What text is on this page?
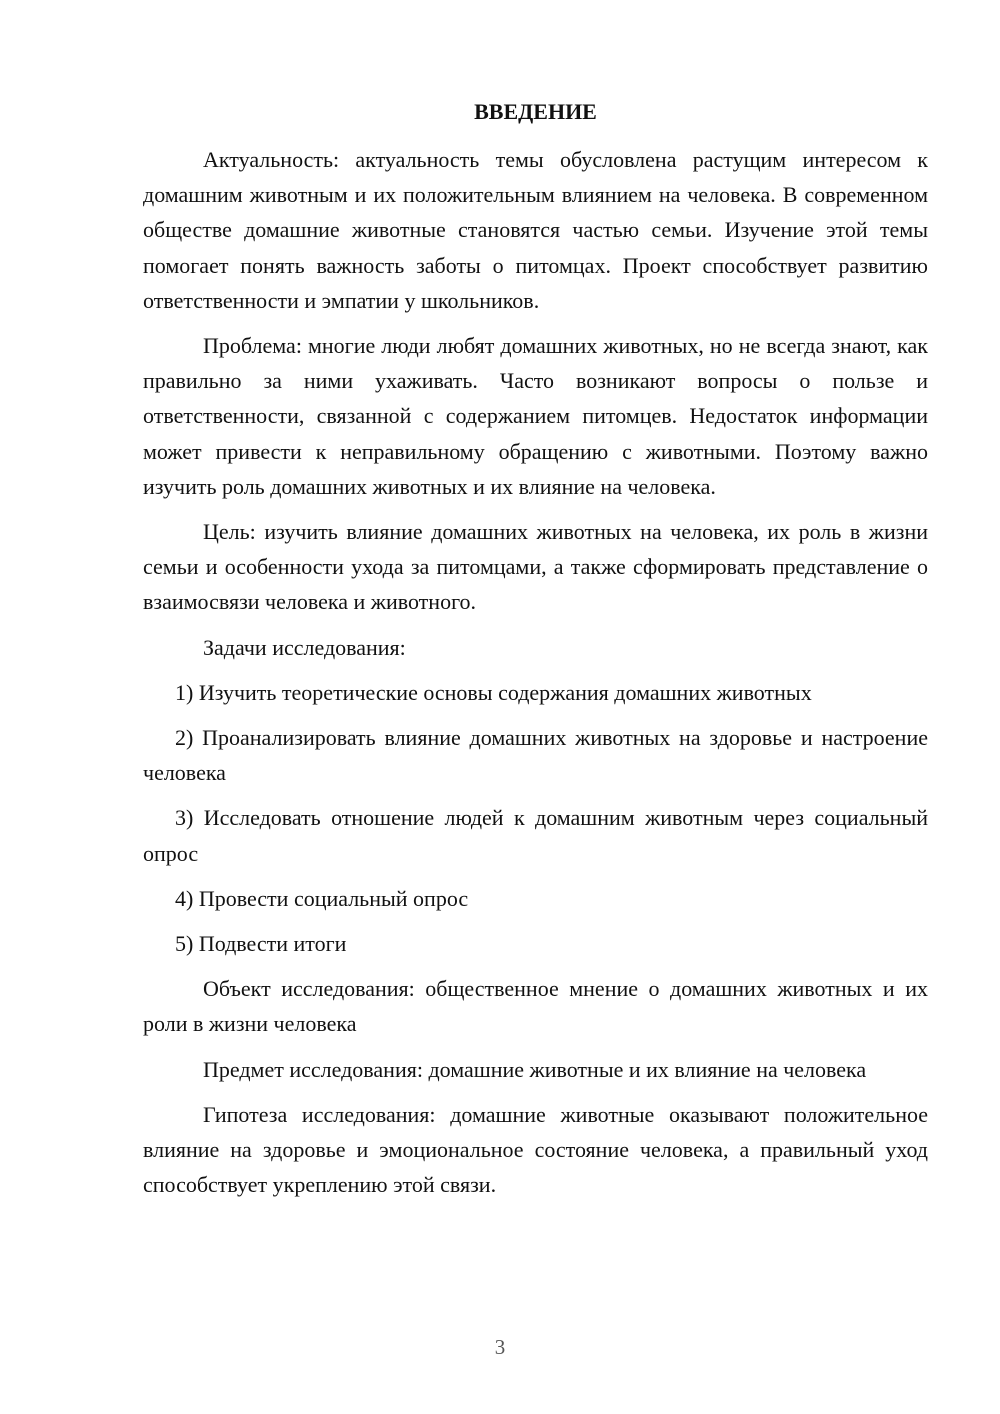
ВВЕДЕНИЕ

Актуальность: актуальность темы обусловлена растущим интересом к домашним животным и их положительным влиянием на человека. В современном обществе домашние животные становятся частью семьи. Изучение этой темы помогает понять важность заботы о питомцах. Проект способствует развитию ответственности и эмпатии у школьников.

Проблема: многие люди любят домашних животных, но не всегда знают, как правильно за ними ухаживать. Часто возникают вопросы о пользе и ответственности, связанной с содержанием питомцев. Недостаток информации может привести к неправильному обращению с животными. Поэтому важно изучить роль домашних животных и их влияние на человека.

Цель: изучить влияние домашних животных на человека, их роль в жизни семьи и особенности ухода за питомцами, а также сформировать представление о взаимосвязи человека и животного.

Задачи исследования:

1) Изучить теоретические основы содержания домашних животных

2) Проанализировать влияние домашних животных на здоровье и настроение человека

3) Исследовать отношение людей к домашним животным через социальный опрос

4) Провести социальный опрос

5) Подвести итоги

Объект исследования: общественное мнение о домашних животных и их роли в жизни человека

Предмет исследования: домашние животные и их влияние на человека

Гипотеза исследования: домашние животные оказывают положительное влияние на здоровье и эмоциональное состояние человека, а правильный уход способствует укреплению этой связи.

3
